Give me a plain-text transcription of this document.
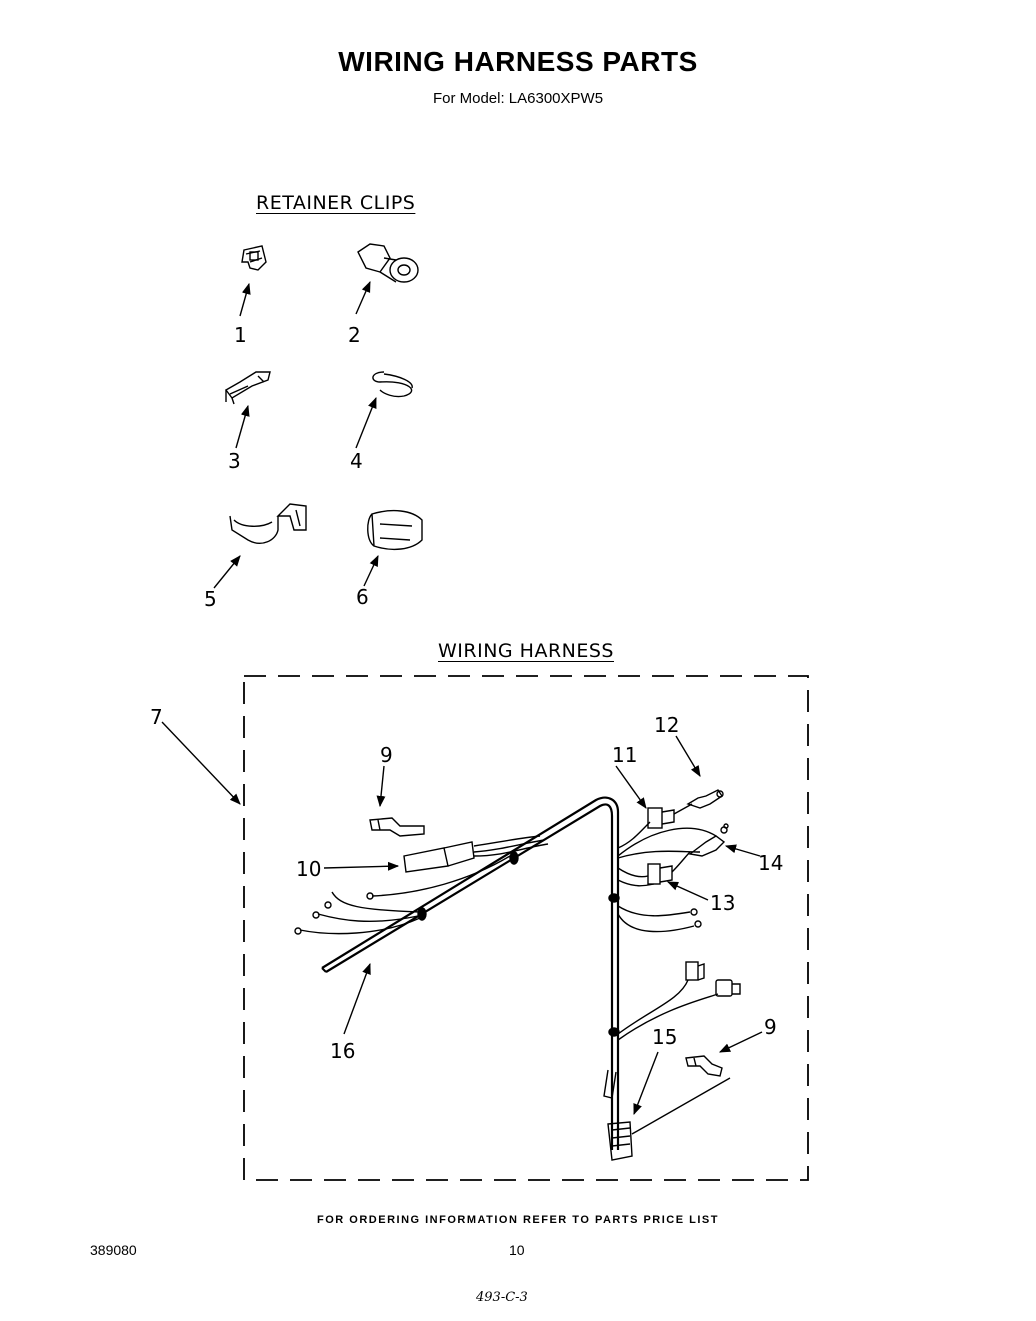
WIRING HARNESS PARTS
For Model: LA6300XPW5
RETAINER CLIPS
WIRING HARNESS
1	2
3	4
5	6
7
9
10
11
12
13
14
15	9
16
FOR ORDERING INFORMATION REFER TO PARTS PRICE LIST
389080	10
493-C-3
